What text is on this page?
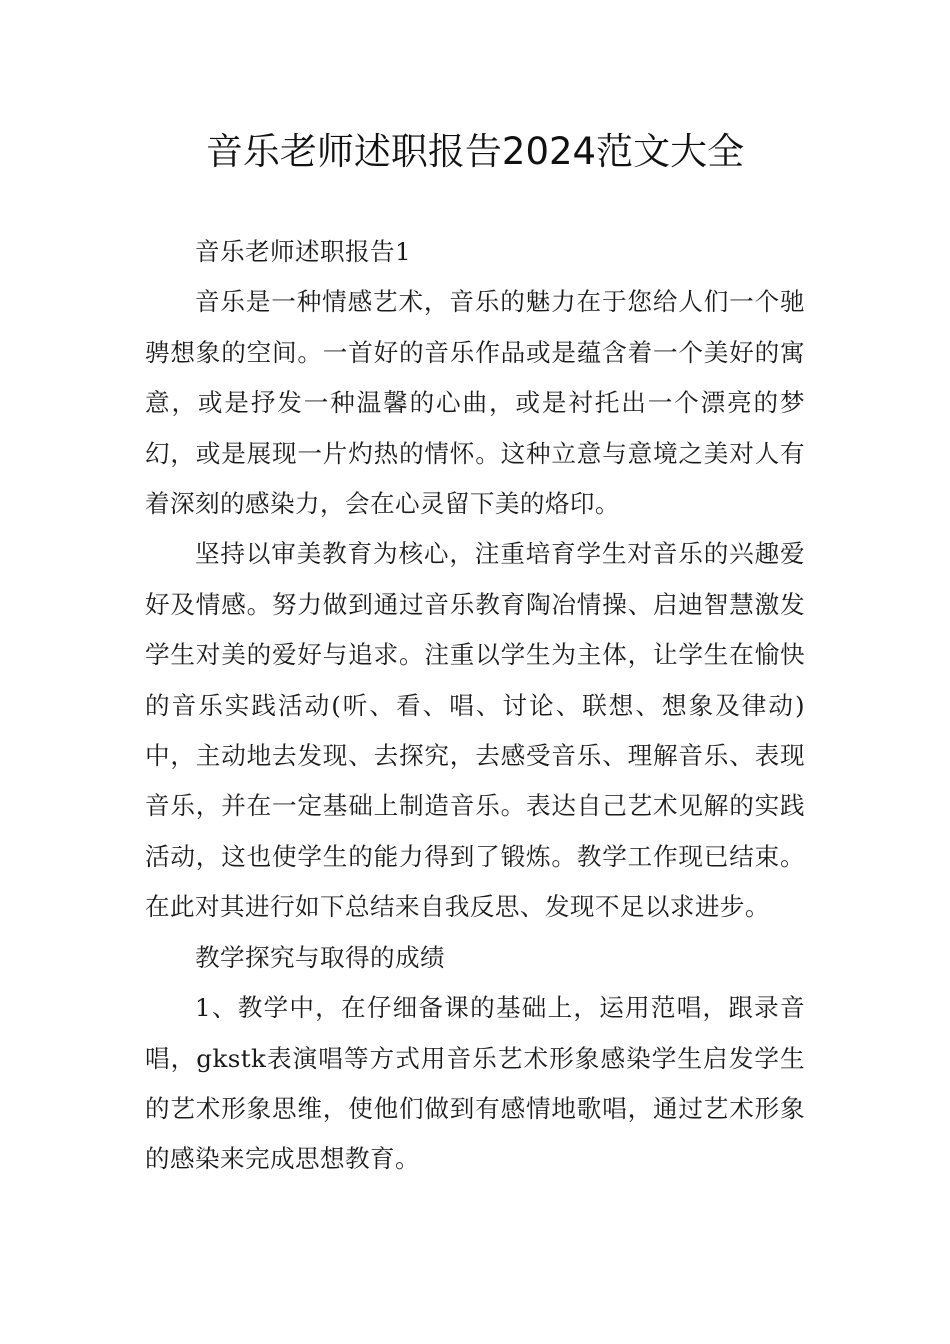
音乐老师述职报告2024范文大全

音乐老师述职报告1

音乐是一种情感艺术，音乐的魅力在于您给人们一个驰骋想象的空间。一首好的音乐作品或是蕴含着一个美好的寓意，或是抒发一种温馨的心曲，或是衬托出一个漂亮的梦幻，或是展现一片灼热的情怀。这种立意与意境之美对人有着深刻的感染力，会在心灵留下美的烙印。

坚持以审美教育为核心，注重培育学生对音乐的兴趣爱好及情感。努力做到通过音乐教育陶冶情操、启迪智慧激发学生对美的爱好与追求。注重以学生为主体，让学生在愉快的音乐实践活动(听、看、唱、讨论、联想、想象及律动)中，主动地去发现、去探究，去感受音乐、理解音乐、表现音乐，并在一定基础上制造音乐。表达自己艺术见解的实践活动，这也使学生的能力得到了锻炼。教学工作现已结束。在此对其进行如下总结来自我反思、发现不足以求进步。

教学探究与取得的成绩

1、教学中，在仔细备课的基础上，运用范唱，跟录音唱，gkstk表演唱等方式用音乐艺术形象感染学生启发学生的艺术形象思维，使他们做到有感情地歌唱，通过艺术形象的感染来完成思想教育。
